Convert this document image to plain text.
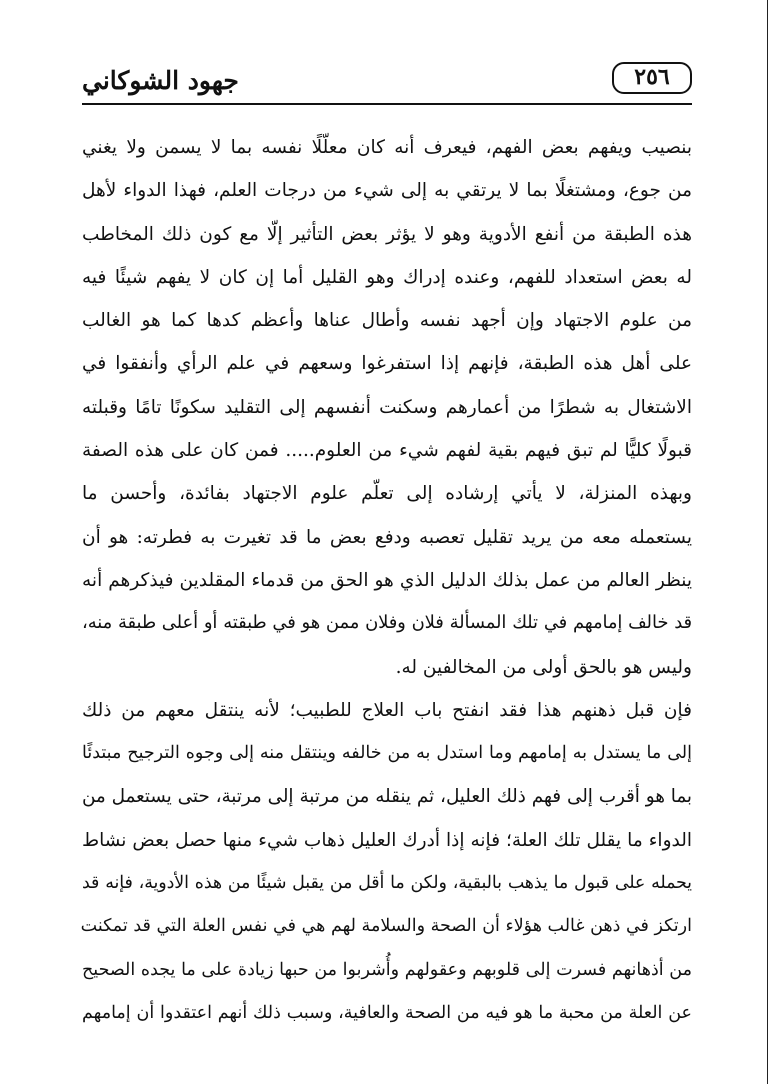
جهود الشوكاني	٢٥٦
بنصيب ويفهم بعض الفهم، فيعرف أنه كان معلّلًا نفسه بما لا يسمن ولا يغني
من جوع، ومشتغلًا بما لا يرتقي به إلى شيء من درجات العلم، فهذا الدواء لأهل
هذه الطبقة من أنفع الأدوية وهو لا يؤثر بعض التأثير إلّا مع كون ذلك المخاطب
له بعض استعداد للفهم، وعنده إدراك وهو القليل أما إن كان لا يفهم شيئًا فيه
من علوم الاجتهاد وإن أجهد نفسه وأطال عناها وأعظم كدها كما هو الغالب
على أهل هذه الطبقة، فإنهم إذا استفرغوا وسعهم في علم الرأي وأنفقوا في
الاشتغال به شطرًا من أعمارهم وسكنت أنفسهم إلى التقليد سكونًا تامًا وقبلته
قبولًا كليًّا لم تبق فيهم بقية لفهم شيء من العلوم..... فمن كان على هذه الصفة
وبهذه المنزلة، لا يأتي إرشاده إلى تعلّم علوم الاجتهاد بفائدة، وأحسن ما
يستعمله معه من يريد تقليل تعصبه ودفع بعض ما قد تغيرت به فطرته: هو أن
ينظر العالم من عمل بذلك الدليل الذي هو الحق من قدماء المقلدين فيذكرهم أنه
قد خالف إمامهم في تلك المسألة فلان وفلان ممن هو في طبقته أو أعلى طبقة منه،
وليس هو بالحق أولى من المخالفين له.
فإن قبل ذهنهم هذا فقد انفتح باب العلاج للطبيب؛ لأنه ينتقل معهم من ذلك
إلى ما يستدل به إمامهم وما استدل به من خالفه وينتقل منه إلى وجوه الترجيح مبتدئًا
بما هو أقرب إلى فهم ذلك العليل، ثم ينقله من مرتبة إلى مرتبة، حتى يستعمل من
الدواء ما يقلل تلك العلة؛ فإنه إذا أدرك العليل ذهاب شيء منها حصل بعض نشاط
يحمله على قبول ما يذهب بالبقية، ولكن ما أقل من يقبل شيئًا من هذه الأدوية، فإنه قد
ارتكز في ذهن غالب هؤلاء أن الصحة والسلامة لهم هي في نفس العلة التي قد تمكنت
من أذهانهم فسرت إلى قلوبهم وعقولهم وأُشربوا من حبها زيادة على ما يجده الصحيح
عن العلة من محبة ما هو فيه من الصحة والعافية، وسبب ذلك أنهم اعتقدوا أن إمامهم
